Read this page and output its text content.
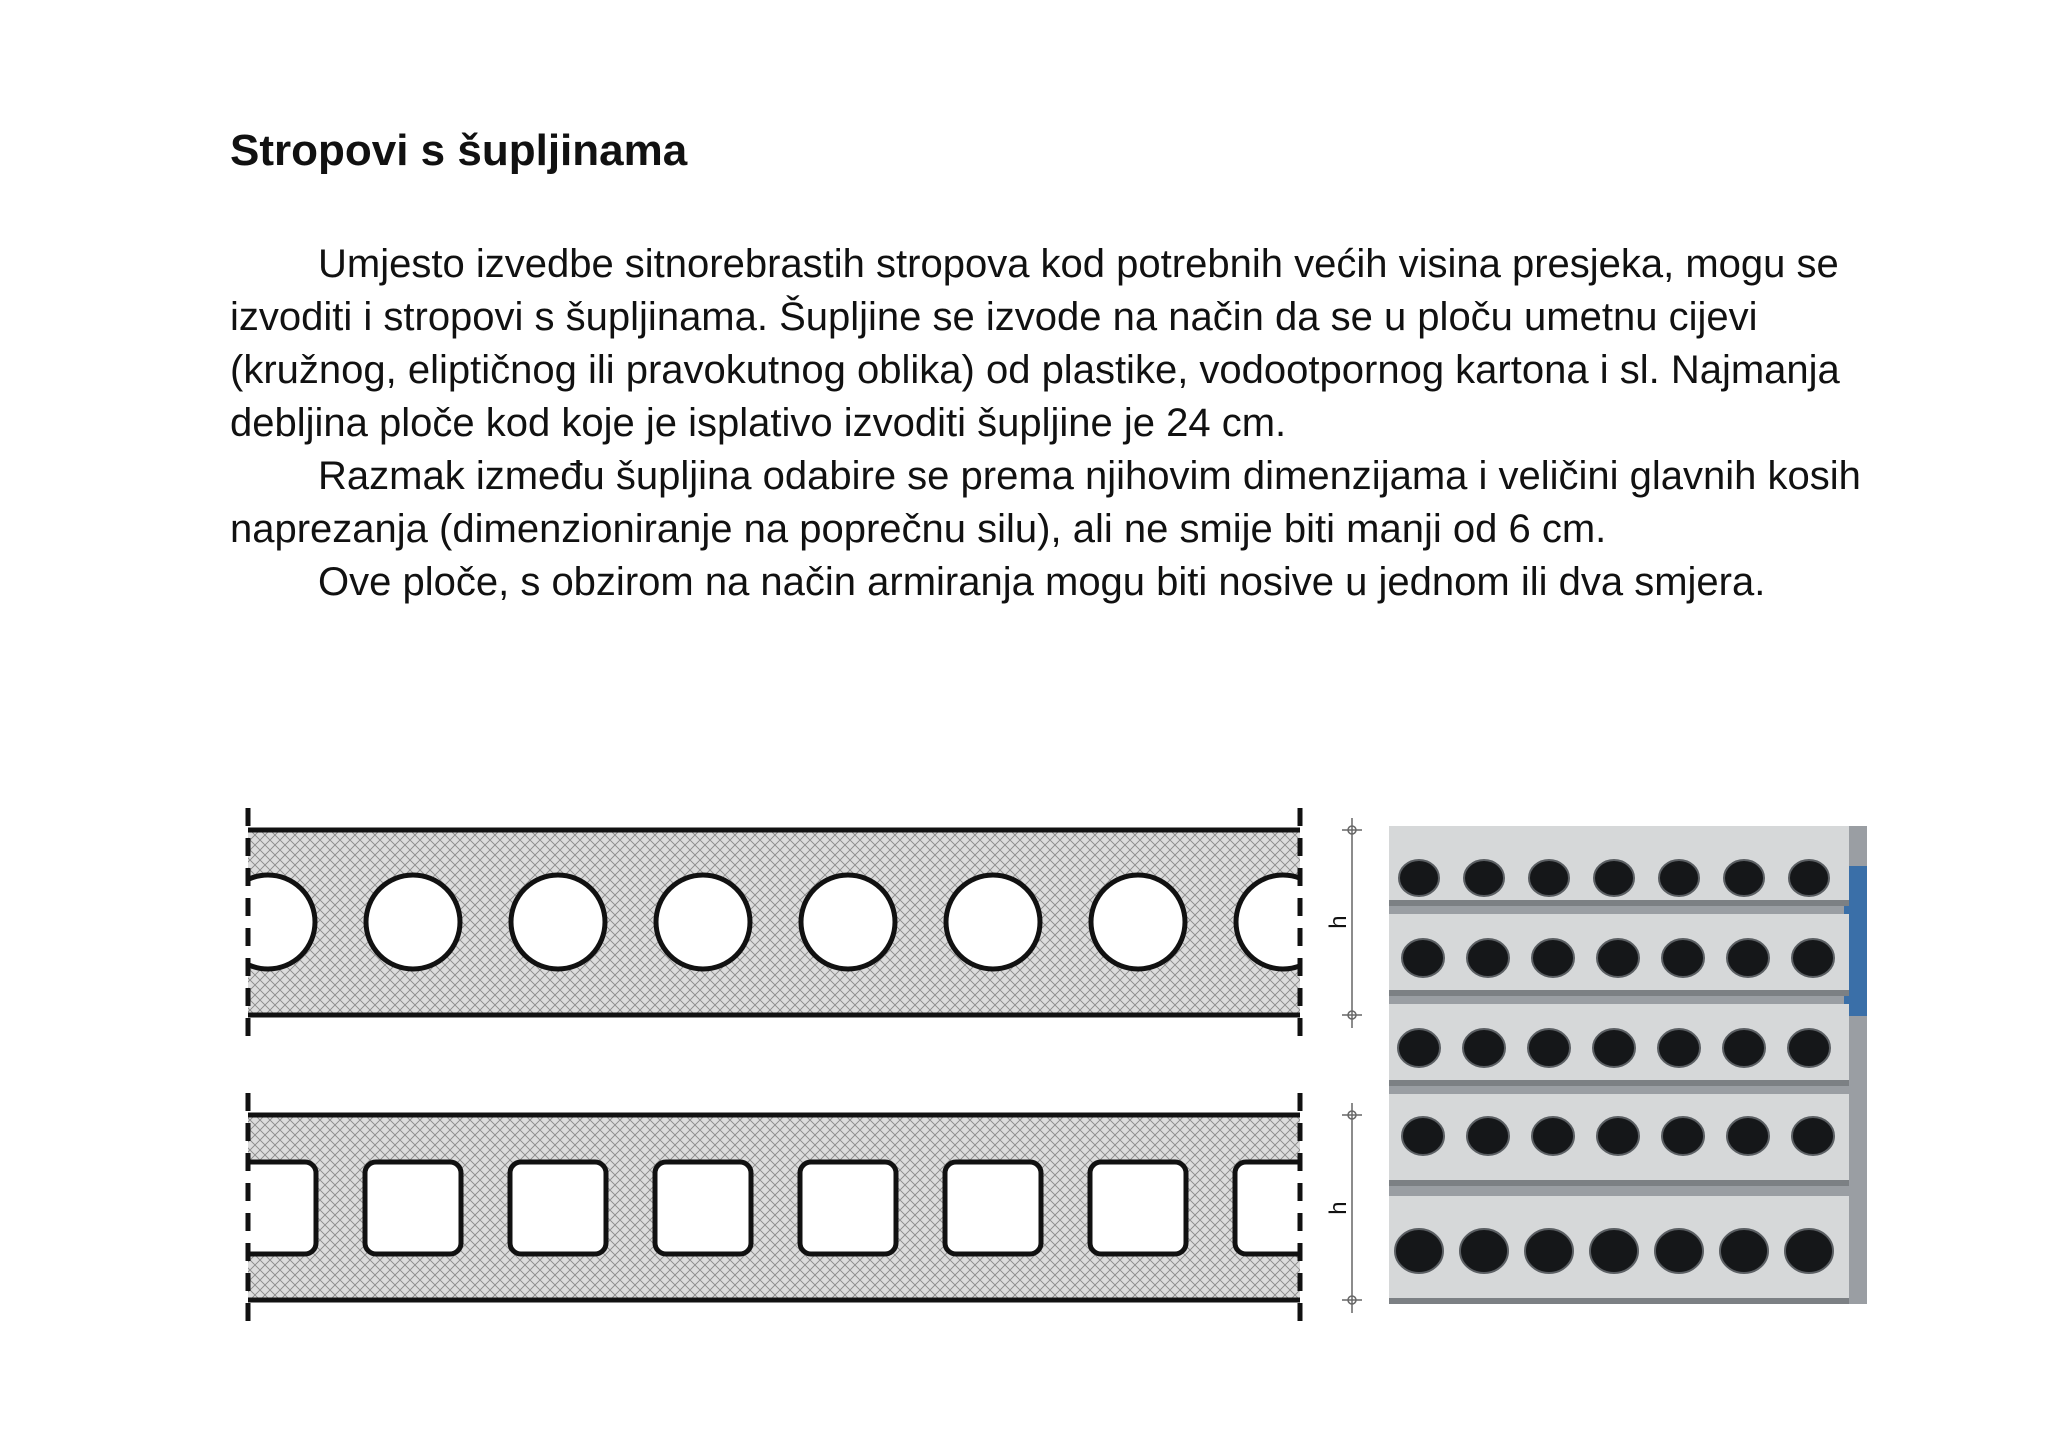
Stropovi s šupljinama

Umjesto izvedbe sitnorebrastih stropova kod potrebnih većih visina presjeka, mogu se izvoditi i stropovi s šupljinama. Šupljine se izvode na način da se u ploču umetnu cijevi (kružnog, eliptičnog ili pravokutnog oblika) od plastike, vodootpornog kartona i sl. Najmanja debljina ploče kod koje je isplativo izvoditi šupljine je 24 cm.

Razmak između šupljina odabire se prema njihovim dimenzijama i veličini glavnih kosih naprezanja (dimenzioniranje na poprečnu silu), ali ne smije biti manji od 6 cm.

Ove ploče, s obzirom na način armiranja mogu biti nosive u jednom ili dva smjera.

h
h
